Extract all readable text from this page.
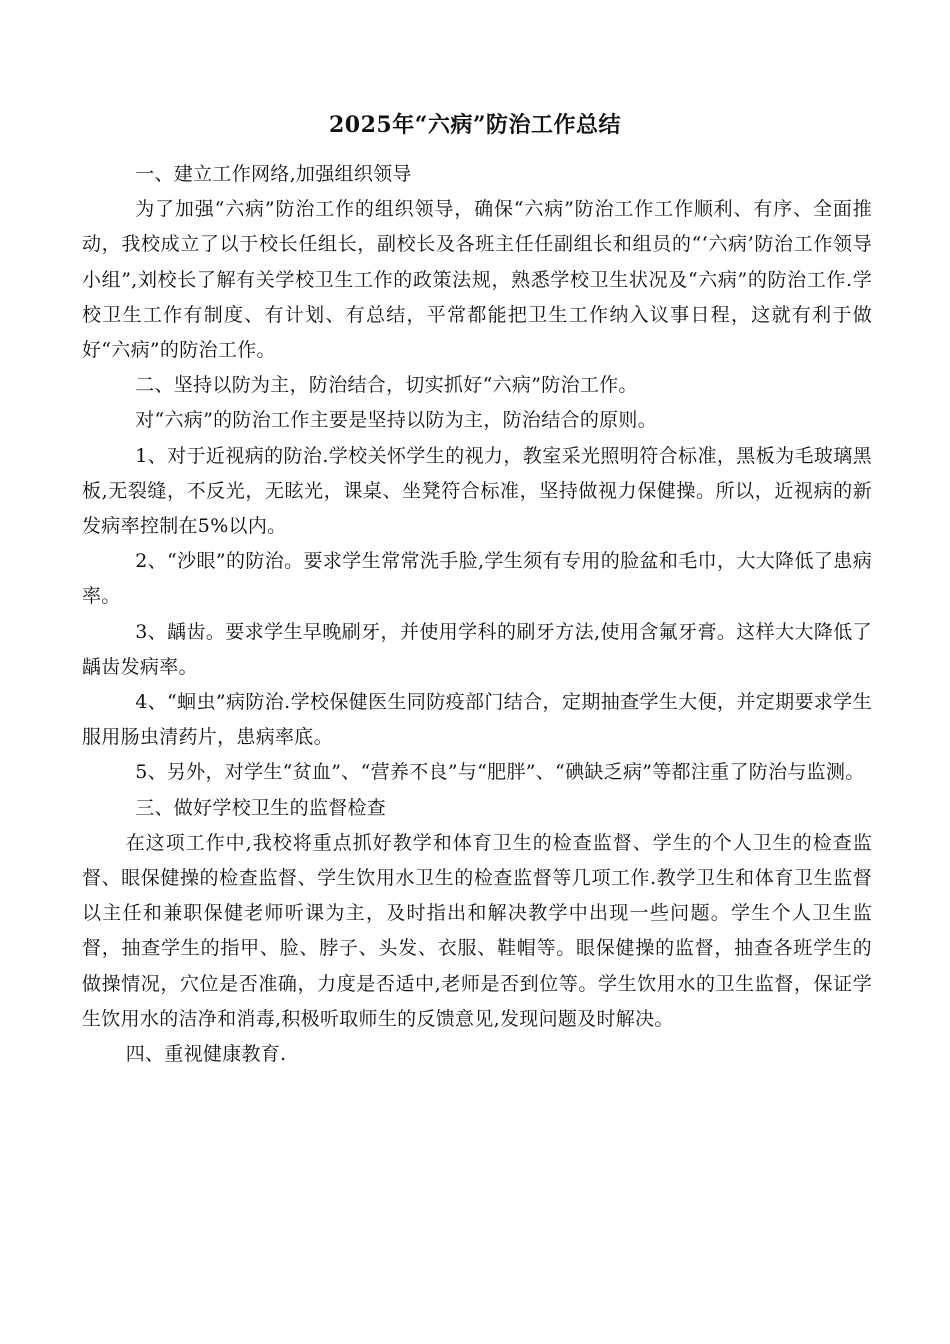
2025年“六病”防治工作总结

一、建立工作网络,加强组织领导

为了加强“六病”防治工作的组织领导，确保“六病”防治工作工作顺利、有序、全面推动，我校成立了以于校长任组长，副校长及各班主任任副组长和组员的“‘六病’防治工作领导小组”,刘校长了解有关学校卫生工作的政策法规，熟悉学校卫生状况及“六病”的防治工作.学校卫生工作有制度、有计划、有总结，平常都能把卫生工作纳入议事日程，这就有利于做好“六病”的防治工作。

二、坚持以防为主，防治结合，切实抓好“六病”防治工作。

对“六病”的防治工作主要是坚持以防为主，防治结合的原则。

1、对于近视病的防治.学校关怀学生的视力，教室采光照明符合标准，黑板为毛玻璃黑板,无裂缝，不反光，无眩光，课桌、坐凳符合标准，坚持做视力保健操。所以，近视病的新发病率控制在5%以内。

2、“沙眼”的防治。要求学生常常洗手脸,学生须有专用的脸盆和毛巾，大大降低了患病率。

3、龋齿。要求学生早晚刷牙，并使用学科的刷牙方法,使用含氟牙膏。这样大大降低了龋齿发病率。

4、“蛔虫”病防治.学校保健医生同防疫部门结合，定期抽查学生大便，并定期要求学生服用肠虫清药片，患病率底。

5、另外，对学生“贫血”、“营养不良”与“肥胖”、“碘缺乏病”等都注重了防治与监测。

三、做好学校卫生的监督检查

在这项工作中,我校将重点抓好教学和体育卫生的检查监督、学生的个人卫生的检查监督、眼保健操的检查监督、学生饮用水卫生的检查监督等几项工作.教学卫生和体育卫生监督以主任和兼职保健老师听课为主，及时指出和解决教学中出现一些问题。学生个人卫生监督，抽查学生的指甲、脸、脖子、头发、衣服、鞋帽等。眼保健操的监督，抽查各班学生的做操情况，穴位是否准确，力度是否适中,老师是否到位等。学生饮用水的卫生监督，保证学生饮用水的洁净和消毒,积极听取师生的反馈意见,发现问题及时解决。

四、重视健康教育.
